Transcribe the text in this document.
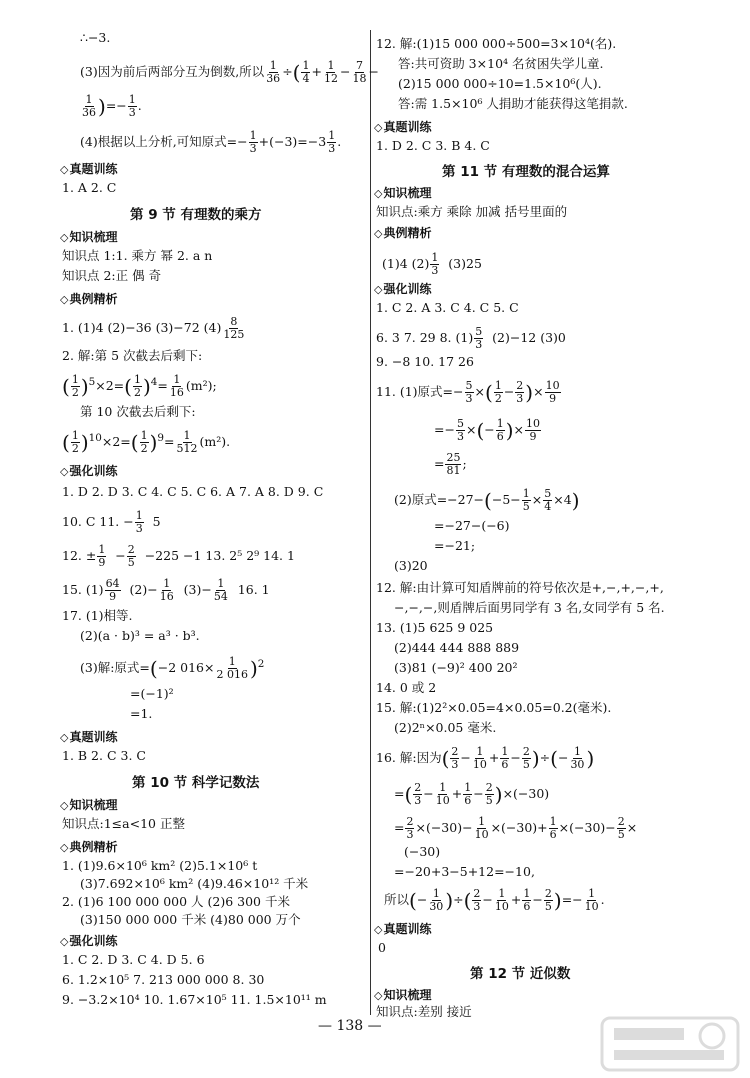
∴−3.
(3)因为前后两部分互为倒数,所以 $\frac{1}{36}$ ÷( $\frac{1}{4} + \frac{1}{12} - \frac{7}{18}$ −
$\frac{1}{36}$ )=− $\frac{1}{3}$ .
(4)根据以上分析,可知原式=− $\frac{1}{3} +(-3)=-3 \frac{1}{3}$ .
◇ 真题训练
1. A 2. C
第 9 节 有理数的乘方
◇ 知识梳理
知识点 1:1. 乘方 幂 2. a n
知识点 2:正 偶 奇
◇ 典例精析
1. (1)4 (2)−36 (3)−72 $(4) \frac{8}{125}$
2. 解:第 5 次截去后剩下:
( $\frac{1}{2} )^5\times 2=( \frac{1}{2} )^4= \frac{1}{16} (m^2)$;
第 10 次截去后剩下:
( $\frac{1}{2} )^{10}\times 2=( \frac{1}{2} )^9= \frac{1}{512} (m^2)$.
◇ 强化训练
1. D 2. D 3. C 4. C 5. C 6. A 7. A 8. D 9. C
10. C 11. − $\frac{1}{3} 5$
12. ± $\frac{1}{9} - \frac{2}{5} -225 -1$ 13. 2⁵ 2⁹ 14. 1
15. $(1) \frac{64}{9} (2)- \frac{1}{16} (3)- \frac{1}{54} 16$. 1
17. (1)相等.
(2)(a · b)³ = a³ · b³.
(3)解:原式=(−2 $016\times \frac{1}{2 016} )^2$
=(−1)²
=1.
◇ 真题训练
1. B 2. C 3. C
第 10 节 科学记数法
◇ 知识梳理
知识点:1≤a<10 正整
◇ 典例精析
1. (1)9.6×10⁶ km² (2)5.1×10⁶ t
(3)7.692×10⁶ km² (4)9.46×10¹² 千米
2. (1)6 100 000 000 人 (2)6 300 千米
(3)150 000 000 千米 (4)80 000 万个
◇ 强化训练
1. C 2. D 3. C 4. D 5. 6
6. 1.2×10⁵ 7. 213 000 000 8. 30
9. −3.2×10⁴ 10. 1.67×10⁵ 11. 1.5×10¹¹ m
12. 解:(1)15 000 000÷500=3×10⁴(名).
答:共可资助 3×10⁴ 名贫困失学儿童.
(2)15 000 000÷10=1.5×10⁶(人).
答:需 1.5×10⁶ 人捐助才能获得这笔捐款.
◇ 真题训练
1. D 2. C 3. B 4. C
第 11 节 有理数的混合运算
◇ 知识梳理
知识点:乘方 乘除 加减 括号里面的
◇ 典例精析
(1)4 $(2) \frac{1}{3} (3)25$
◇ 强化训练
1. C 2. A 3. C 4. C 5. C
6. 3 7. 29 8. $(1) \frac{5}{3} (2)-12$ (3)0
9. −8 10. 17 26
11. (1)原式=− $\frac{5}{3}$ ×( $\frac{1}{2} - \frac{2}{3}$ )× $\frac{10}{9}$
=− $\frac{5}{3}$ ×(− $\frac{1}{6}$ )× $\frac{10}{9}$
= $\frac{25}{81}$ ;
(2)原式$=-27-(-5- \frac{1}{5} \times \frac{5}{4} \times 4)$
=−27−(−6)
=−21;
(3)20
12. 解:由计算可知盾牌前的符号依次是+,−,+,−,+,
−,−,−,则盾牌后面男同学有 3 名,女同学有 5 名.
13. (1)5 625 9 025
(2)444 444 888 889
(3)81 (−9)² 400 20²
14. 0 或 2
15. 解:(1)2²×0.05=4×0.05=0.2(毫米).
(2)2ⁿ×0.05 毫米.
16. 解:因为( $\frac{2}{3} - \frac{1}{10} + \frac{1}{6} - \frac{2}{5}$ )÷(− $\frac{1}{30}$ )
=( $\frac{2}{3} - \frac{1}{10} + \frac{1}{6} - \frac{2}{5} )\times(-30)$
= $\frac{2}{3} \times(-30)- \frac{1}{10} \times(-30)+ \frac{1}{6} \times(-30)- \frac{2}{5}$ ×
(−30)
=−20+3−5+12=−10,
所以(− $\frac{1}{30}$ )÷( $\frac{2}{3} - \frac{1}{10} + \frac{1}{6} - \frac{2}{5}$ )=− $\frac{1}{10}$ .
◇ 真题训练
0
第 12 节 近似数
◇ 知识梳理
知识点:差别 接近
— 138 —
